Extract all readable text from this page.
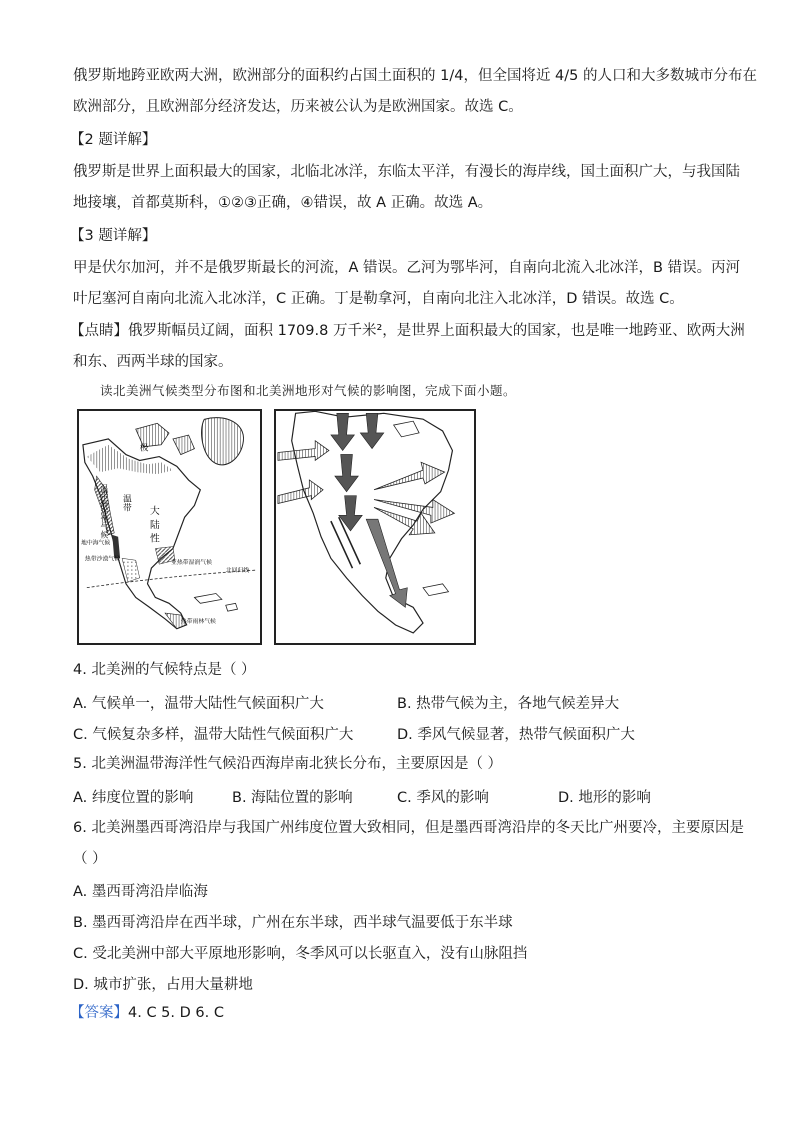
俄罗斯地跨亚欧两大洲，欧洲部分的面积约占国土面积的 1/4，但全国将近 4/5 的人口和大多数城市分布在
欧洲部分，且欧洲部分经济发达，历来被公认为是欧洲国家。故选 C。
【2 题详解】
俄罗斯是世界上面积最大的国家，北临北冰洋，东临太平洋，有漫长的海岸线，国土面积广大，与我国陆
地接壤，首都莫斯科，①②③正确，④错误，故 A 正确。故选 A。
【3 题详解】
甲是伏尔加河，并不是俄罗斯最长的河流，A 错误。乙河为鄂毕河，自南向北流入北冰洋，B 错误。丙河
叶尼塞河自南向北流入北冰洋，C 正确。丁是勒拿河，自南向北注入北冰洋，D 错误。故选 C。
【点睛】俄罗斯幅员辽阔，面积 1709.8 万千米²，是世界上面积最大的国家，也是唯一地跨亚、欧两大洲
和东、西两半球的国家。
读北美洲气候类型分布图和北美洲地形对气候的影响图，完成下面小题。
极
温带海洋性气候 温带
大陆性
地中海气候
热带沙漠气候
亚热带湿润气候
北回归线
热带雨林气候
4. 北美洲的气候特点是（ ）
A. 气候单一，温带大陆性气候面积广大	B. 热带气候为主，各地气候差异大
C. 气候复杂多样，温带大陆性气候面积广大	D. 季风气候显著，热带气候面积广大
5. 北美洲温带海洋性气候沿西海岸南北狭长分布，主要原因是（ ）
A. 纬度位置的影响	B. 海陆位置的影响	C. 季风的影响	D. 地形的影响
6. 北美洲墨西哥湾沿岸与我国广州纬度位置大致相同，但是墨西哥湾沿岸的冬天比广州要冷，主要原因是
（ ）
A. 墨西哥湾沿岸临海
B. 墨西哥湾沿岸在西半球，广州在东半球，西半球气温要低于东半球
C. 受北美洲中部大平原地形影响，冬季风可以长驱直入，没有山脉阻挡
D. 城市扩张，占用大量耕地
【答案】4. C 5. D 6. C
